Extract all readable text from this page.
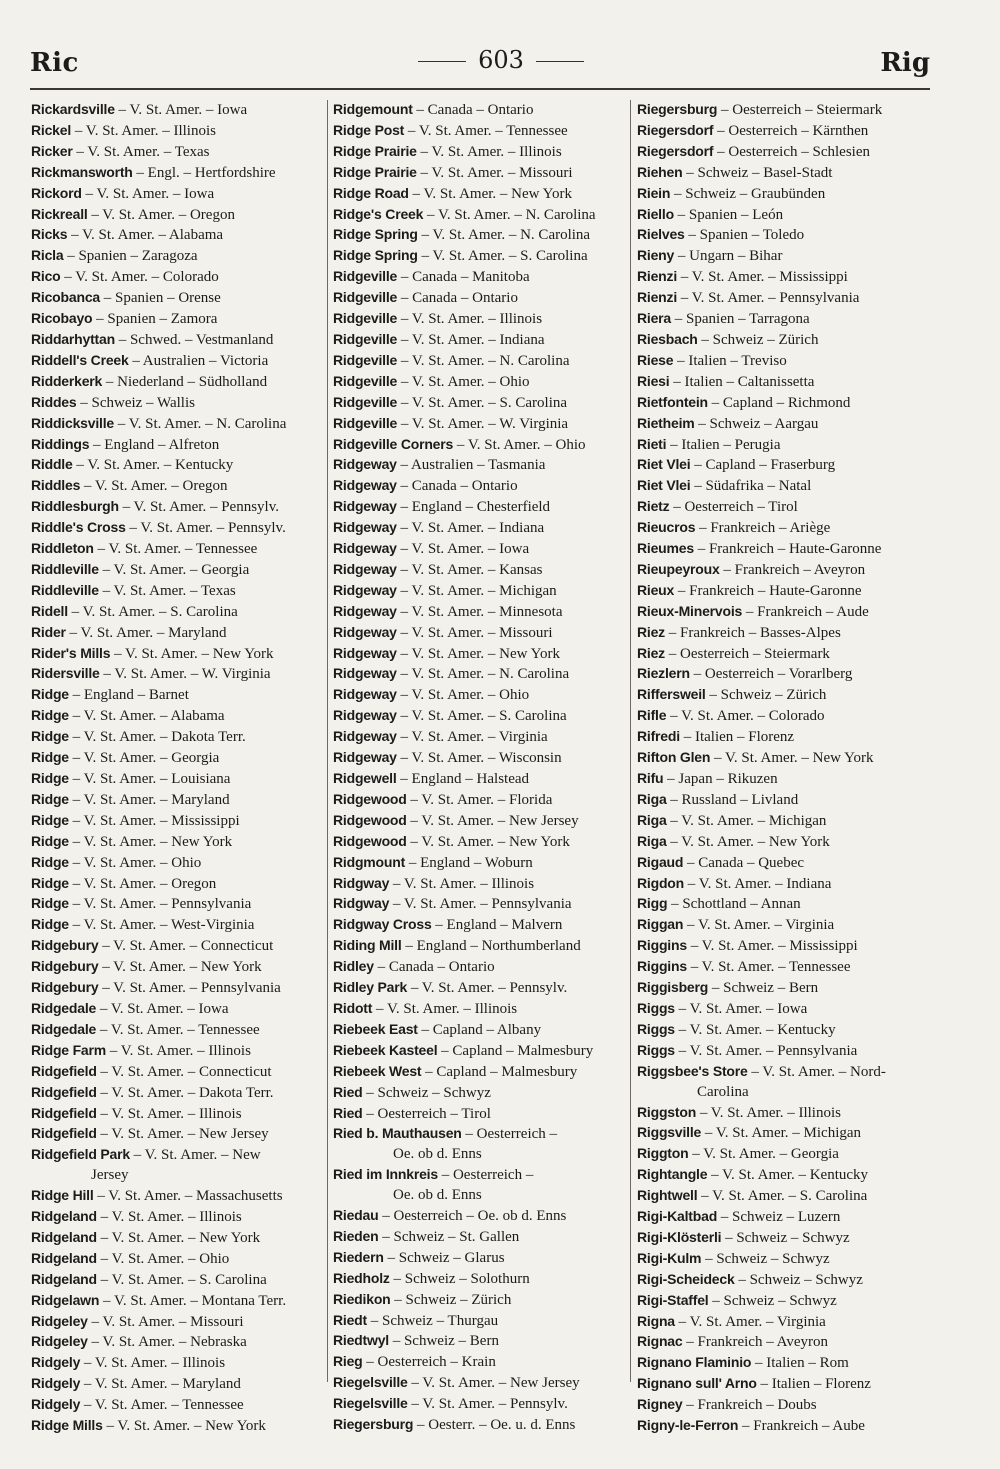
Ric	603	Rig
Rickardsville – V. St. Amer. – Iowa
Rickel – V. St. Amer. – Illinois
Ricker – V. St. Amer. – Texas
Rickmansworth – Engl. – Hertfordshire
Rickord – V. St. Amer. – Iowa
Rickreall – V. St. Amer. – Oregon
Ricks – V. St. Amer. – Alabama
Ricla – Spanien – Zaragoza
Rico – V. St. Amer. – Colorado
Ricobanca – Spanien – Orense
Ricobayo – Spanien – Zamora
Riddarhyttan – Schwed. – Vestmanland
Riddell's Creek – Australien – Victoria
Ridderkerk – Niederland – Südholland
Riddes – Schweiz – Wallis
Riddicksville – V. St. Amer. – N. Carolina
Riddings – England – Alfreton
Riddle – V. St. Amer. – Kentucky
Riddles – V. St. Amer. – Oregon
Riddlesburgh – V. St. Amer. – Pennsylv.
Riddle's Cross – V. St. Amer. – Pennsylv.
Riddleton – V. St. Amer. – Tennessee
Riddleville – V. St. Amer. – Georgia
Riddleville – V. St. Amer. – Texas
Ridell – V. St. Amer. – S. Carolina
Rider – V. St. Amer. – Maryland
Rider's Mills – V. St. Amer. – New York
Ridersville – V. St. Amer. – W. Virginia
Ridge – England – Barnet
Ridge – V. St. Amer. – Alabama
Ridge – V. St. Amer. – Dakota Terr.
Ridge – V. St. Amer. – Georgia
Ridge – V. St. Amer. – Louisiana
Ridge – V. St. Amer. – Maryland
Ridge – V. St. Amer. – Mississippi
Ridge – V. St. Amer. – New York
Ridge – V. St. Amer. – Ohio
Ridge – V. St. Amer. – Oregon
Ridge – V. St. Amer. – Pennsylvania
Ridge – V. St. Amer. – West-Virginia
Ridgebury – V. St. Amer. – Connecticut
Ridgebury – V. St. Amer. – New York
Ridgebury – V. St. Amer. – Pennsylvania
Ridgedale – V. St. Amer. – Iowa
Ridgedale – V. St. Amer. – Tennessee
Ridge Farm – V. St. Amer. – Illinois
Ridgefield – V. St. Amer. – Connecticut
Ridgefield – V. St. Amer. – Dakota Terr.
Ridgefield – V. St. Amer. – Illinois
Ridgefield – V. St. Amer. – New Jersey
Ridgefield Park – V. St. Amer. – New
Jersey
Ridge Hill – V. St. Amer. – Massachusetts
Ridgeland – V. St. Amer. – Illinois
Ridgeland – V. St. Amer. – New York
Ridgeland – V. St. Amer. – Ohio
Ridgeland – V. St. Amer. – S. Carolina
Ridgelawn – V. St. Amer. – Montana Terr.
Ridgeley – V. St. Amer. – Missouri
Ridgeley – V. St. Amer. – Nebraska
Ridgely – V. St. Amer. – Illinois
Ridgely – V. St. Amer. – Maryland
Ridgely – V. St. Amer. – Tennessee
Ridge Mills – V. St. Amer. – New York
Ridgemount – Canada – Ontario
Ridge Post – V. St. Amer. – Tennessee
Ridge Prairie – V. St. Amer. – Illinois
Ridge Prairie – V. St. Amer. – Missouri
Ridge Road – V. St. Amer. – New York
Ridge's Creek – V. St. Amer. – N. Carolina
Ridge Spring – V. St. Amer. – N. Carolina
Ridge Spring – V. St. Amer. – S. Carolina
Ridgeville – Canada – Manitoba
Ridgeville – Canada – Ontario
Ridgeville – V. St. Amer. – Illinois
Ridgeville – V. St. Amer. – Indiana
Ridgeville – V. St. Amer. – N. Carolina
Ridgeville – V. St. Amer. – Ohio
Ridgeville – V. St. Amer. – S. Carolina
Ridgeville – V. St. Amer. – W. Virginia
Ridgeville Corners – V. St. Amer. – Ohio
Ridgeway – Australien – Tasmania
Ridgeway – Canada – Ontario
Ridgeway – England – Chesterfield
Ridgeway – V. St. Amer. – Indiana
Ridgeway – V. St. Amer. – Iowa
Ridgeway – V. St. Amer. – Kansas
Ridgeway – V. St. Amer. – Michigan
Ridgeway – V. St. Amer. – Minnesota
Ridgeway – V. St. Amer. – Missouri
Ridgeway – V. St. Amer. – New York
Ridgeway – V. St. Amer. – N. Carolina
Ridgeway – V. St. Amer. – Ohio
Ridgeway – V. St. Amer. – S. Carolina
Ridgeway – V. St. Amer. – Virginia
Ridgeway – V. St. Amer. – Wisconsin
Ridgewell – England – Halstead
Ridgewood – V. St. Amer. – Florida
Ridgewood – V. St. Amer. – New Jersey
Ridgewood – V. St. Amer. – New York
Ridgmount – England – Woburn
Ridgway – V. St. Amer. – Illinois
Ridgway – V. St. Amer. – Pennsylvania
Ridgway Cross – England – Malvern
Riding Mill – England – Northumberland
Ridley – Canada – Ontario
Ridley Park – V. St. Amer. – Pennsylv.
Ridott – V. St. Amer. – Illinois
Riebeek East – Capland – Albany
Riebeek Kasteel – Capland – Malmesbury
Riebeek West – Capland – Malmesbury
Ried – Schweiz – Schwyz
Ried – Oesterreich – Tirol
Ried b. Mauthausen – Oesterreich –
Oe. ob d. Enns
Ried im Innkreis – Oesterreich –
Oe. ob d. Enns
Riedau – Oesterreich – Oe. ob d. Enns
Rieden – Schweiz – St. Gallen
Riedern – Schweiz – Glarus
Riedholz – Schweiz – Solothurn
Riedikon – Schweiz – Zürich
Riedt – Schweiz – Thurgau
Riedtwyl – Schweiz – Bern
Rieg – Oesterreich – Krain
Riegelsville – V. St. Amer. – New Jersey
Riegelsville – V. St. Amer. – Pennsylv.
Riegersburg – Oesterr. – Oe. u. d. Enns
Riegersburg – Oesterreich – Steiermark
Riegersdorf – Oesterreich – Kärnthen
Riegersdorf – Oesterreich – Schlesien
Riehen – Schweiz – Basel-Stadt
Riein – Schweiz – Graubünden
Riello – Spanien – León
Rielves – Spanien – Toledo
Rieny – Ungarn – Bihar
Rienzi – V. St. Amer. – Mississippi
Rienzi – V. St. Amer. – Pennsylvania
Riera – Spanien – Tarragona
Riesbach – Schweiz – Zürich
Riese – Italien – Treviso
Riesi – Italien – Caltanissetta
Rietfontein – Capland – Richmond
Rietheim – Schweiz – Aargau
Rieti – Italien – Perugia
Riet Vlei – Capland – Fraserburg
Riet Vlei – Südafrika – Natal
Rietz – Oesterreich – Tirol
Rieucros – Frankreich – Ariège
Rieumes – Frankreich – Haute-Garonne
Rieupeyroux – Frankreich – Aveyron
Rieux – Frankreich – Haute-Garonne
Rieux-Minervois – Frankreich – Aude
Riez – Frankreich – Basses-Alpes
Riez – Oesterreich – Steiermark
Riezlern – Oesterreich – Vorarlberg
Riffersweil – Schweiz – Zürich
Rifle – V. St. Amer. – Colorado
Rifredi – Italien – Florenz
Rifton Glen – V. St. Amer. – New York
Rifu – Japan – Rikuzen
Riga – Russland – Livland
Riga – V. St. Amer. – Michigan
Riga – V. St. Amer. – New York
Rigaud – Canada – Quebec
Rigdon – V. St. Amer. – Indiana
Rigg – Schottland – Annan
Riggan – V. St. Amer. – Virginia
Riggins – V. St. Amer. – Mississippi
Riggins – V. St. Amer. – Tennessee
Riggisberg – Schweiz – Bern
Riggs – V. St. Amer. – Iowa
Riggs – V. St. Amer. – Kentucky
Riggs – V. St. Amer. – Pennsylvania
Riggsbee's Store – V. St. Amer. – Nord-
Carolina
Riggston – V. St. Amer. – Illinois
Riggsville – V. St. Amer. – Michigan
Riggton – V. St. Amer. – Georgia
Rightangle – V. St. Amer. – Kentucky
Rightwell – V. St. Amer. – S. Carolina
Rigi-Kaltbad – Schweiz – Luzern
Rigi-Klösterli – Schweiz – Schwyz
Rigi-Kulm – Schweiz – Schwyz
Rigi-Scheideck – Schweiz – Schwyz
Rigi-Staffel – Schweiz – Schwyz
Rigna – V. St. Amer. – Virginia
Rignac – Frankreich – Aveyron
Rignano Flaminio – Italien – Rom
Rignano sull' Arno – Italien – Florenz
Rigney – Frankreich – Doubs
Rigny-le-Ferron – Frankreich – Aube
